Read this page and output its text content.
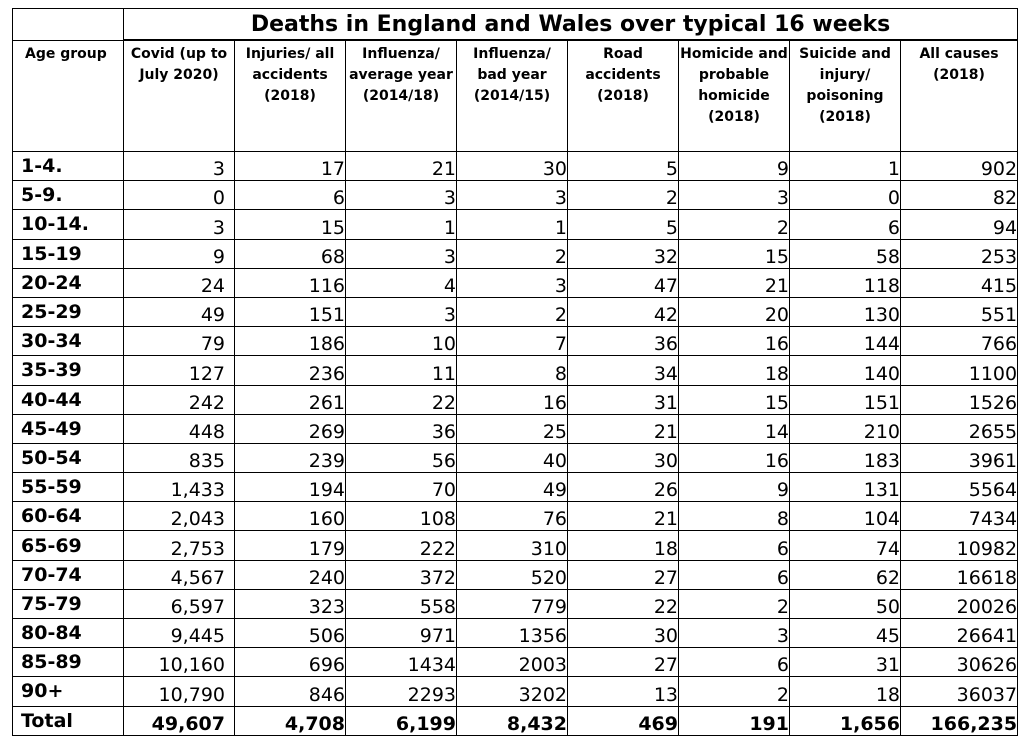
	Deaths in England and Wales over typical 16 weeks							
Age group	Covid (up to July 2020)	Injuries/ all accidents (2018)	Influenza/ average year (2014/18)	Influenza/ bad year (2014/15)	Road accidents (2018)	Homicide and probable homicide (2018)	Suicide and injury/ poisoning (2018)	All causes (2018)
1-4.	3	17	21	30	5	9	1	902
5-9.	0	6	3	3	2	3	0	82
10-14.	3	15	1	1	5	2	6	94
15-19	9	68	3	2	32	15	58	253
20-24	24	116	4	3	47	21	118	415
25-29	49	151	3	2	42	20	130	551
30-34	79	186	10	7	36	16	144	766
35-39	127	236	11	8	34	18	140	1100
40-44	242	261	22	16	31	15	151	1526
45-49	448	269	36	25	21	14	210	2655
50-54	835	239	56	40	30	16	183	3961
55-59	1,433	194	70	49	26	9	131	5564
60-64	2,043	160	108	76	21	8	104	7434
65-69	2,753	179	222	310	18	6	74	10982
70-74	4,567	240	372	520	27	6	62	16618
75-79	6,597	323	558	779	22	2	50	20026
80-84	9,445	506	971	1356	30	3	45	26641
85-89	10,160	696	1434	2003	27	6	31	30626
90+	10,790	846	2293	3202	13	2	18	36037
Total	49,607	4,708	6,199	8,432	469	191	1,656	166,235
